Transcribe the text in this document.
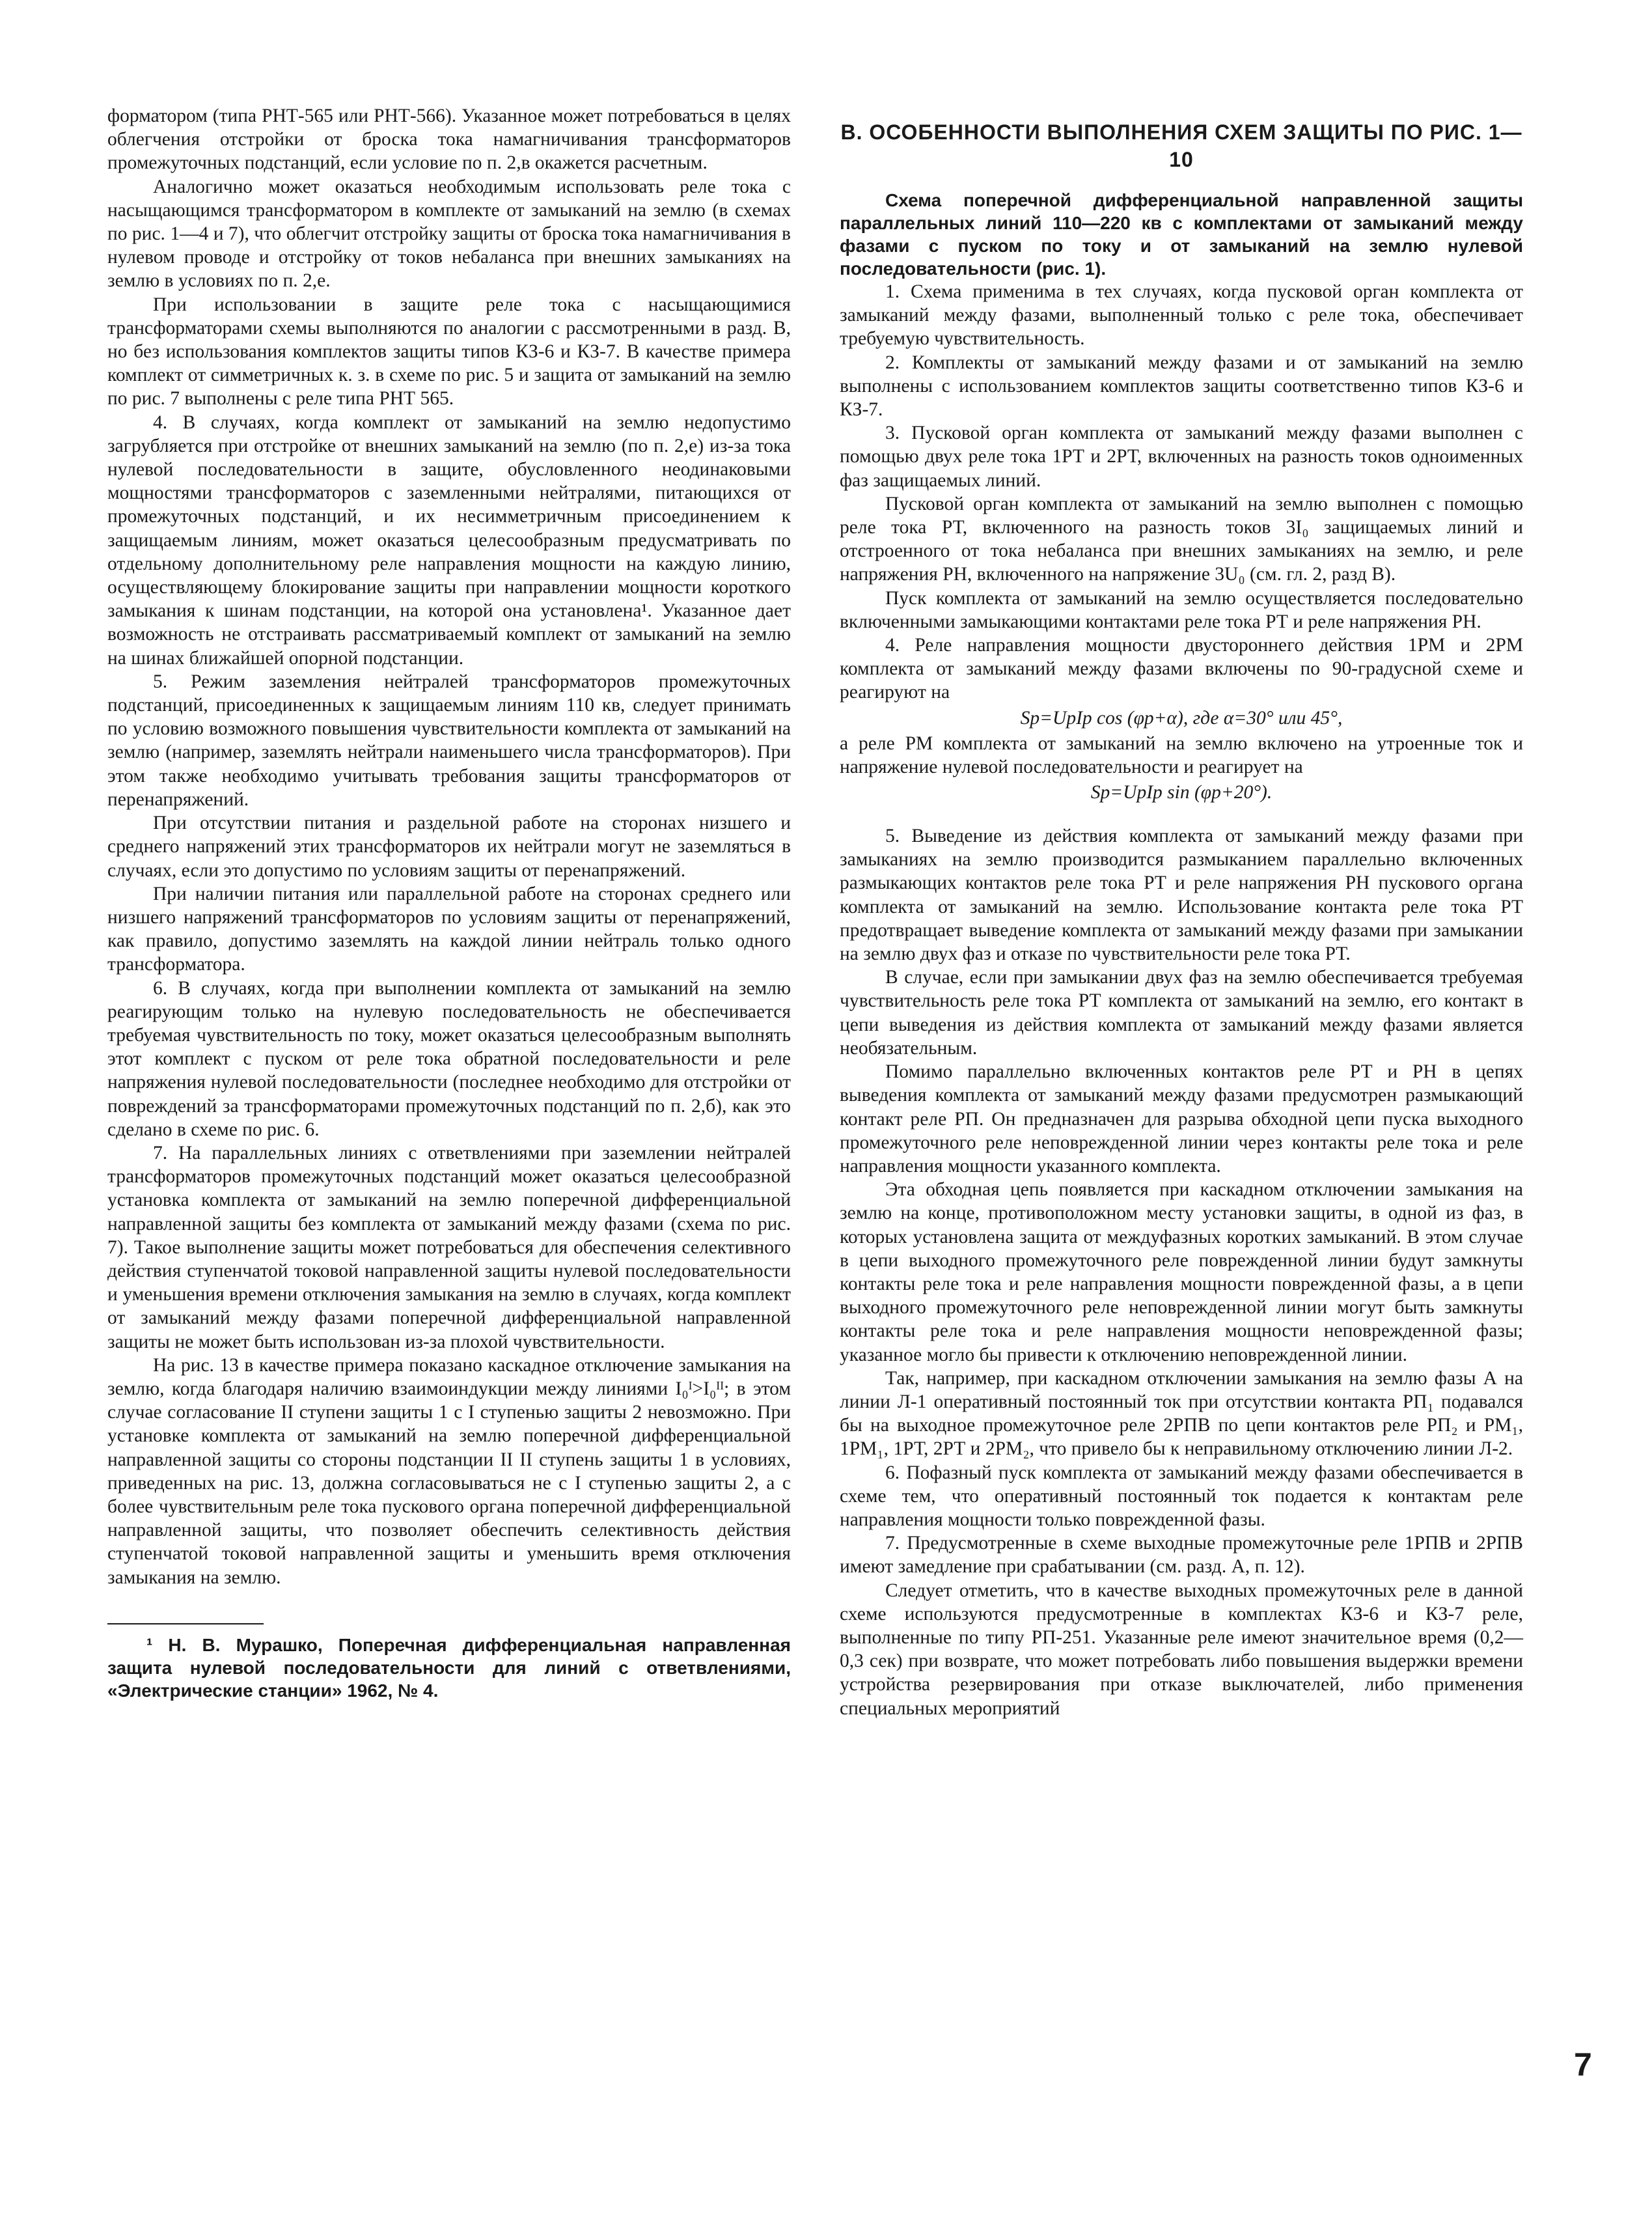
форматором (типа РНТ-565 или РНТ-566). Указанное может потребоваться в целях облегчения отстройки от броска тока намагничивания трансформаторов промежуточных подстанций, если условие по п. 2,в окажется расчетным.

Аналогично может оказаться необходимым использовать реле тока с насыщающимся трансформатором в комплекте от замыканий на землю (в схемах по рис. 1—4 и 7), что облегчит отстройку защиты от броска тока намагничивания в нулевом проводе и отстройку от токов небаланса при внешних замыканиях на землю в условиях по п. 2,е.

При использовании в защите реле тока с насыщающимися трансформаторами схемы выполняются по аналогии с рассмотренными в разд. В, но без использования комплектов защиты типов КЗ-6 и КЗ-7. В качестве примера комплект от симметричных к. з. в схеме по рис. 5 и защита от замыканий на землю по рис. 7 выполнены с реле типа РНТ 565.

4. В случаях, когда комплект от замыканий на землю недопустимо загрубляется при отстройке от внешних замыканий на землю (по п. 2,е) из-за тока нулевой последовательности в защите, обусловленного неодинаковыми мощностями трансформаторов с заземленными нейтралями, питающихся от промежуточных подстанций, и их несимметричным присоединением к защищаемым линиям, может оказаться целесообразным предусматривать по отдельному дополнительному реле направления мощности на каждую линию, осуществляющему блокирование защиты при направлении мощности короткого замыкания к шинам подстанции, на которой она установлена¹. Указанное дает возможность не отстраивать рассматриваемый комплект от замыканий на землю на шинах ближайшей опорной подстанции.

5. Режим заземления нейтралей трансформаторов промежуточных подстанций, присоединенных к защищаемым линиям 110 кв, следует принимать по условию возможного повышения чувствительности комплекта от замыканий на землю (например, заземлять нейтрали наименьшего числа трансформаторов). При этом также необходимо учитывать требования защиты трансформаторов от перенапряжений.

При отсутствии питания и раздельной работе на сторонах низшего и среднего напряжений этих трансформаторов их нейтрали могут не заземляться в случаях, если это допустимо по условиям защиты от перенапряжений.

При наличии питания или параллельной работе на сторонах среднего или низшего напряжений трансформаторов по условиям защиты от перенапряжений, как правило, допустимо заземлять на каждой линии нейтраль только одного трансформатора.

6. В случаях, когда при выполнении комплекта от замыканий на землю реагирующим только на нулевую последовательность не обеспечивается требуемая чувствительность по току, может оказаться целесообразным выполнять этот комплект с пуском от реле тока обратной последовательности и реле напряжения нулевой последовательности (последнее необходимо для отстройки от повреждений за трансформаторами промежуточных подстанций по п. 2,б), как это сделано в схеме по рис. 6.

7. На параллельных линиях с ответвлениями при заземлении нейтралей трансформаторов промежуточных подстанций может оказаться целесообразной установка комплекта от замыканий на землю поперечной дифференциальной направленной защиты без комплекта от замыканий между фазами (схема по рис. 7). Такое выполнение защиты может потребоваться для обеспечения селективного действия ступенчатой токовой направленной защиты нулевой последовательности и уменьшения времени отключения замыкания на землю в случаях, когда комплект от замыканий между фазами поперечной дифференциальной направленной защиты не может быть использован из-за плохой чувствительности.

На рис. 13 в качестве примера показано каскадное отключение замыкания на землю, когда благодаря наличию взаимоиндукции между линиями I₀ᴵ>I₀ᴵᴵ; в этом случае согласование II ступени защиты 1 с I ступенью защиты 2 невозможно. При установке комплекта от замыканий на землю поперечной дифференциальной направленной защиты со стороны подстанции II II ступень защиты 1 в условиях, приведенных на рис. 13, должна согласовываться не с I ступенью защиты 2, а с более чувствительным реле тока пускового органа поперечной дифференциальной направленной защиты, что позволяет обеспечить селективность действия ступенчатой токовой направленной защиты и уменьшить время отключения замыкания на землю.

¹ Н. В. Мурашко, Поперечная дифференциальная направленная защита нулевой последовательности для линий с ответвлениями, «Электрические станции» 1962, № 4.

В. ОСОБЕННОСТИ ВЫПОЛНЕНИЯ СХЕМ ЗАЩИТЫ ПО РИС. 1—10

Схема поперечной дифференциальной направленной защиты параллельных линий 110—220 кв с комплектами от замыканий между фазами с пуском по току и от замыканий на землю нулевой последовательности (рис. 1).

1. Схема применима в тех случаях, когда пусковой орган комплекта от замыканий между фазами, выполненный только с реле тока, обеспечивает требуемую чувствительность.

2. Комплекты от замыканий между фазами и от замыканий на землю выполнены с использованием комплектов защиты соответственно типов КЗ-6 и КЗ-7.

3. Пусковой орган комплекта от замыканий между фазами выполнен с помощью двух реле тока 1РТ и 2РТ, включенных на разность токов одноименных фаз защищаемых линий.

Пусковой орган комплекта от замыканий на землю выполнен с помощью реле тока РТ, включенного на разность токов 3I₀ защищаемых линий и отстроенного от тока небаланса при внешних замыканиях на землю, и реле напряжения РН, включенного на напряжение 3U₀ (см. гл. 2, разд В).

Пуск комплекта от замыканий на землю осуществляется последовательно включенными замыкающими контактами реле тока РТ и реле напряжения РН.

4. Реле направления мощности двустороннего действия 1РМ и 2РМ комплекта от замыканий между фазами включены по 90-градусной схеме и реагируют на

Sр=UрIр cos (φр+α), где α=30° или 45°,

а реле РМ комплекта от замыканий на землю включено на утроенные ток и напряжение нулевой последовательности и реагирует на

Sр=UрIр sin (φр+20°).

5. Выведение из действия комплекта от замыканий между фазами при замыканиях на землю производится размыканием параллельно включенных размыкающих контактов реле тока РТ и реле напряжения РН пускового органа комплекта от замыканий на землю. Использование контакта реле тока РТ предотвращает выведение комплекта от замыканий между фазами при замыкании на землю двух фаз и отказе по чувствительности реле тока РТ.

В случае, если при замыкании двух фаз на землю обеспечивается требуемая чувствительность реле тока РТ комплекта от замыканий на землю, его контакт в цепи выведения из действия комплекта от замыканий между фазами является необязательным.

Помимо параллельно включенных контактов реле РТ и РН в цепях выведения комплекта от замыканий между фазами предусмотрен размыкающий контакт реле РП. Он предназначен для разрыва обходной цепи пуска выходного промежуточного реле неповрежденной линии через контакты реле тока и реле направления мощности указанного комплекта.

Эта обходная цепь появляется при каскадном отключении замыкания на землю на конце, противоположном месту установки защиты, в одной из фаз, в которых установлена защита от междуфазных коротких замыканий. В этом случае в цепи выходного промежуточного реле поврежденной линии будут замкнуты контакты реле тока и реле направления мощности поврежденной фазы, а в цепи выходного промежуточного реле неповрежденной линии могут быть замкнуты контакты реле тока и реле направления мощности неповрежденной фазы; указанное могло бы привести к отключению неповрежденной линии.

Так, например, при каскадном отключении замыкания на землю фазы А на линии Л-1 оперативный постоянный ток при отсутствии контакта РП₁ подавался бы на выходное промежуточное реле 2РПВ по цепи контактов реле РП₂ и РМ₁, 1РМ₁, 1РТ, 2РТ и 2РМ₂, что привело бы к неправильному отключению линии Л-2.

6. Пофазный пуск комплекта от замыканий между фазами обеспечивается в схеме тем, что оперативный постоянный ток подается к контактам реле направления мощности только поврежденной фазы.

7. Предусмотренные в схеме выходные промежуточные реле 1РПВ и 2РПВ имеют замедление при срабатывании (см. разд. А, п. 12).

Следует отметить, что в качестве выходных промежуточных реле в данной схеме используются предусмотренные в комплектах КЗ-6 и КЗ-7 реле, выполненные по типу РП-251. Указанные реле имеют значительное время (0,2—0,3 сек) при возврате, что может потребовать либо повышения выдержки времени устройства резервирования при отказе выключателей, либо применения специальных мероприятий

7
